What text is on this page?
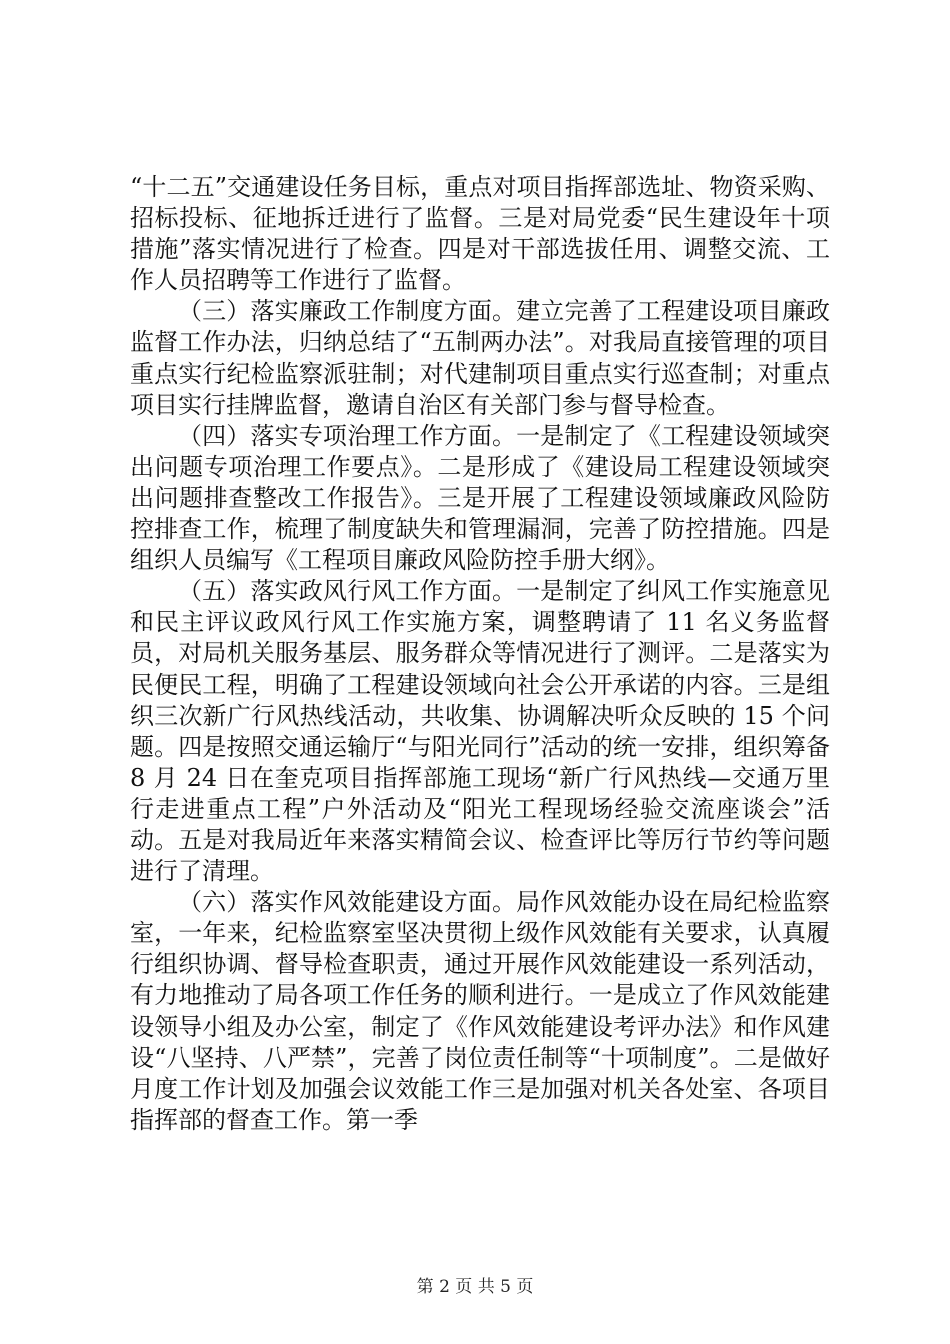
“十二五”交通建设任务目标，重点对项目指挥部选址、物资采购、招标投标、征地拆迁进行了监督。三是对局党委“民生建设年十项措施”落实情况进行了检查。四是对干部选拔任用、调整交流、工作人员招聘等工作进行了监督。

（三）落实廉政工作制度方面。建立完善了工程建设项目廉政监督工作办法，归纳总结了“五制两办法”。对我局直接管理的项目重点实行纪检监察派驻制；对代建制项目重点实行巡查制；对重点项目实行挂牌监督，邀请自治区有关部门参与督导检查。

（四）落实专项治理工作方面。一是制定了《工程建设领域突出问题专项治理工作要点》。二是形成了《建设局工程建设领域突出问题排查整改工作报告》。三是开展了工程建设领域廉政风险防控排查工作，梳理了制度缺失和管理漏洞，完善了防控措施。四是组织人员编写《工程项目廉政风险防控手册大纲》。

（五）落实政风行风工作方面。一是制定了纠风工作实施意见和民主评议政风行风工作实施方案，调整聘请了 11 名义务监督员，对局机关服务基层、服务群众等情况进行了测评。二是落实为民便民工程，明确了工程建设领域向社会公开承诺的内容。三是组织三次新广行风热线活动，共收集、协调解决听众反映的 15 个问题。四是按照交通运输厅“与阳光同行”活动的统一安排，组织筹备 8 月 24 日在奎克项目指挥部施工现场“新广行风热线—交通万里行走进重点工程”户外活动及“阳光工程现场经验交流座谈会”活动。五是对我局近年来落实精简会议、检查评比等厉行节约等问题进行了清理。

（六）落实作风效能建设方面。局作风效能办设在局纪检监察室，一年来，纪检监察室坚决贯彻上级作风效能有关要求，认真履行组织协调、督导检查职责，通过开展作风效能建设一系列活动，有力地推动了局各项工作任务的顺利进行。一是成立了作风效能建设领导小组及办公室，制定了《作风效能建设考评办法》和作风建设“八坚持、八严禁”，完善了岗位责任制等“十项制度”。二是做好月度工作计划及加强会议效能工作三是加强对机关各处室、各项目指挥部的督查工作。第一季

第 2 页 共 5 页
